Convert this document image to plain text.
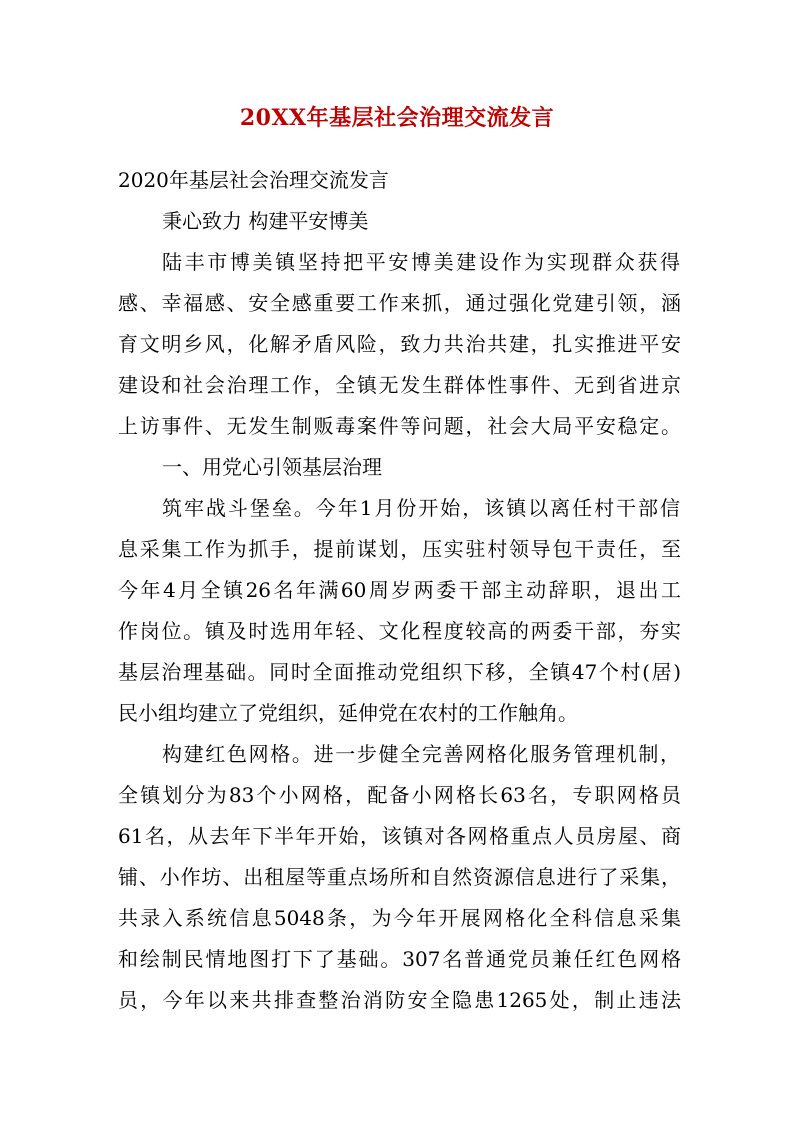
20XX年基层社会治理交流发言
2020年基层社会治理交流发言
秉心致力 构建平安博美
陆丰市博美镇坚持把平安博美建设作为实现群众获得
感、幸福感、安全感重要工作来抓，通过强化党建引领，涵
育文明乡风，化解矛盾风险，致力共治共建，扎实推进平安
建设和社会治理工作，全镇无发生群体性事件、无到省进京
上访事件、无发生制贩毒案件等问题，社会大局平安稳定。
一、用党心引领基层治理
筑牢战斗堡垒。今年1月份开始，该镇以离任村干部信
息采集工作为抓手，提前谋划，压实驻村领导包干责任，至
今年4月全镇26名年满60周岁两委干部主动辞职，退出工
作岗位。镇及时选用年轻、文化程度较高的两委干部，夯实
基层治理基础。同时全面推动党组织下移，全镇47个村(居)
民小组均建立了党组织，延伸党在农村的工作触角。
构建红色网格。进一步健全完善网格化服务管理机制，
全镇划分为83个小网格，配备小网格长63名，专职网格员
61名，从去年下半年开始，该镇对各网格重点人员房屋、商
铺、小作坊、出租屋等重点场所和自然资源信息进行了采集，
共录入系统信息5048条，为今年开展网格化全科信息采集
和绘制民情地图打下了基础。307名普通党员兼任红色网格
员，今年以来共排查整治消防安全隐患1265处，制止违法
